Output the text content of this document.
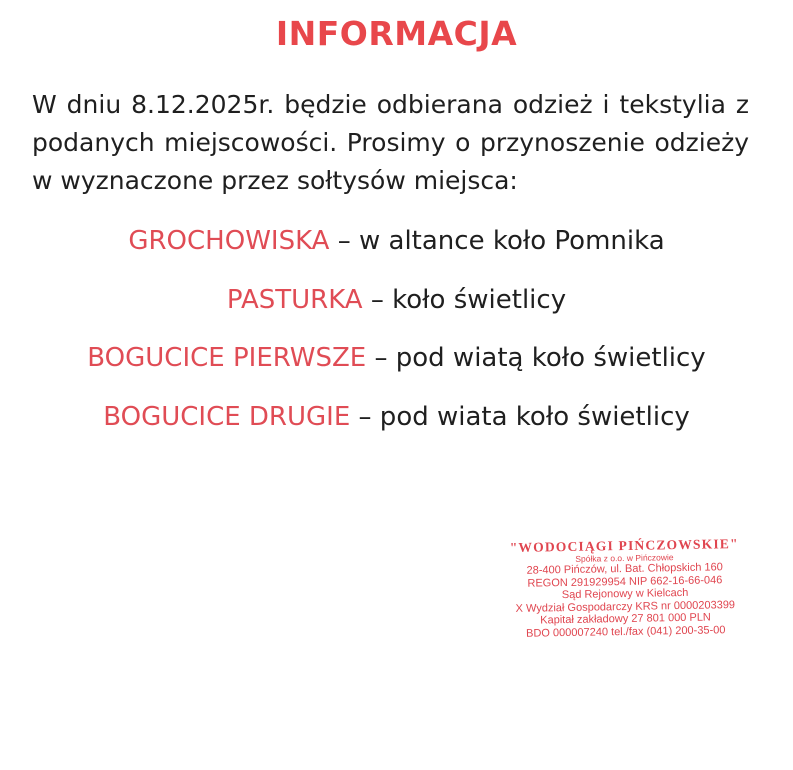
INFORMACJA
W dniu 8.12.2025r. będzie odbierana odzież i tekstylia z podanych miejscowości. Prosimy o przynoszenie odzieży w wyznaczone przez sołtysów miejsca:
GROCHOWISKA – w altance koło Pomnika
PASTURKA – koło świetlicy
BOGUCICE PIERWSZE – pod wiatą koło świetlicy
BOGUCICE DRUGIE – pod wiata koło świetlicy
"WODOCIĄGI PIŃCZOWSKIE"
Spółka z o.o. w Pińczowie
28-400 Pińczów, ul. Bat. Chłopskich 160
REGON 291929954 NIP 662-16-66-046
Sąd Rejonowy w Kielcach
X Wydział Gospodarczy KRS nr 0000203399
Kapitał zakładowy 27 801 000 PLN
BDO 000007240 tel./fax (041) 200-35-00
